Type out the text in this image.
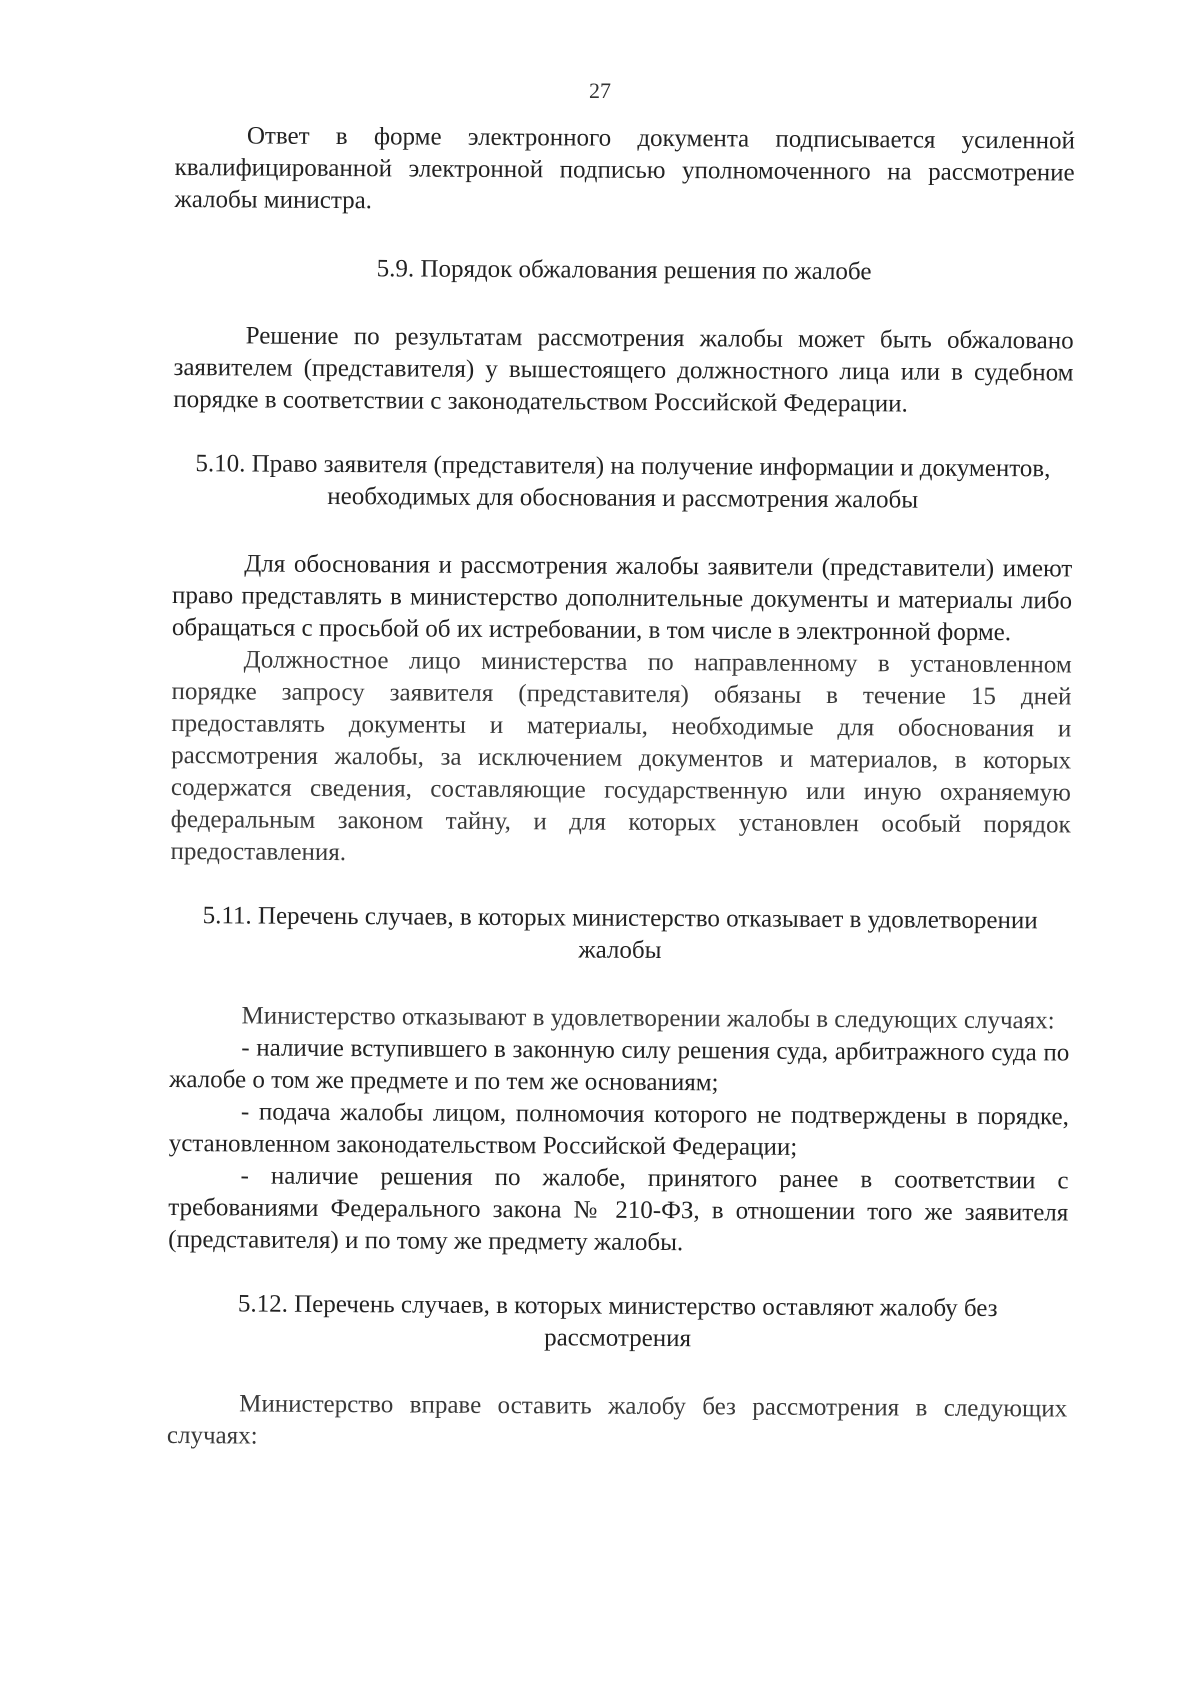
27

Ответ в форме электронного документа подписывается усиленной квалифицированной электронной подписью уполномоченного на рассмотрение жалобы министра.

5.9. Порядок обжалования решения по жалобе

Решение по результатам рассмотрения жалобы может быть обжаловано заявителем (представителя) у вышестоящего должностного лица или в судебном порядке в соответствии с законодательством Российской Федерации.

5.10. Право заявителя (представителя) на получение информации и документов, необходимых для обоснования и рассмотрения жалобы

Для обоснования и рассмотрения жалобы заявители (представители) имеют право представлять в министерство дополнительные документы и материалы либо обращаться с просьбой об их истребовании, в том числе в электронной форме.

Должностное лицо министерства по направленному в установленном порядке запросу заявителя (представителя) обязаны в течение 15 дней предоставлять документы и материалы, необходимые для обоснования и рассмотрения жалобы, за исключением документов и материалов, в которых содержатся сведения, составляющие государственную или иную охраняемую федеральным законом тайну, и для которых установлен особый порядок предоставления.

5.11. Перечень случаев, в которых министерство отказывает в удовлетворении жалобы

Министерство отказывают в удовлетворении жалобы в следующих случаях:

- наличие вступившего в законную силу решения суда, арбитражного суда по жалобе о том же предмете и по тем же основаниям;

- подача жалобы лицом, полномочия которого не подтверждены в порядке, установленном законодательством Российской Федерации;

- наличие решения по жалобе, принятого ранее в соответствии с требованиями Федерального закона № 210-ФЗ, в отношении того же заявителя (представителя) и по тому же предмету жалобы.

5.12. Перечень случаев, в которых министерство оставляют жалобу без рассмотрения

Министерство вправе оставить жалобу без рассмотрения в следующих случаях:
